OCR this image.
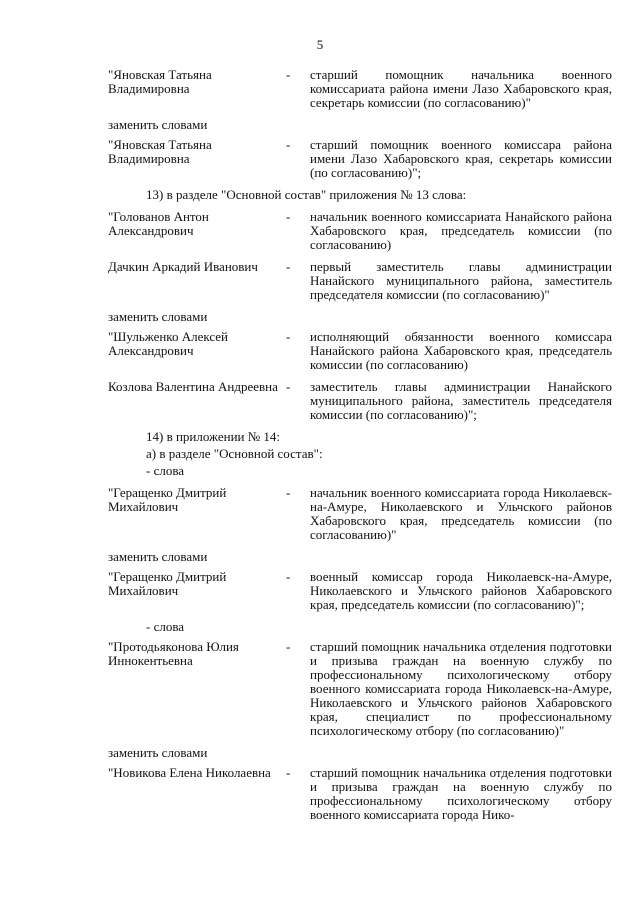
5
"Яновская Татьяна Владимировна
-	старший помощник начальника военного комиссариата района имени Лазо Хабаровского края, секретарь комиссии (по согласованию)"

заменить словами

"Яновская Татьяна Владимировна
-	старший помощник военного комиссара района имени Лазо Хабаровского края, секретарь комиссии (по согласованию)";

13) в разделе "Основной состав" приложения № 13 слова:

"Голованов Антон Александрович
-	начальник военного комиссариата Нанайского района Хабаровского края, председатель комиссии (по согласованию)
Дачкин Аркадий Иванович	-	первый заместитель главы администрации Нанайского муниципального района, заместитель председателя комиссии (по согласованию)"

заменить словами

"Шульженко Алексей Александрович
-	исполняющий обязанности военного комиссара Нанайского района Хабаровского края, председатель комиссии (по согласованию)
Козлова Валентина Андреевна -	заместитель главы администрации Нанайского муниципального района, заместитель председателя комиссии (по согласованию)";

14) в приложении № 14:

а) в разделе "Основной состав":

- слова

"Геращенко Дмитрий Михайлович
-	начальник военного комиссариата города Николаевск-на-Амуре, Николаевского и Ульчского районов Хабаровского края, председатель комиссии (по согласованию)"

заменить словами

"Геращенко Дмитрий Михайлович
-	военный комиссар города Николаевск-на-Амуре, Николаевского и Ульчского районов Хабаровского края, председатель комиссии (по согласованию)";

- слова

"Протодьяконова Юлия Иннокентьевна
-	старший помощник начальника отделения подготовки и призыва граждан на военную службу по профессиональному психологическому отбору военного комиссариата города Николаевск-на-Амуре, Николаевского и Ульчского районов Хабаровского края, специалист по профессиональному психологическому отбору (по согласованию)"

заменить словами

"Новикова Елена Николаевна	-	старший помощник начальника отделения подготовки и призыва граждан на военную службу по профессиональному психологическому отбору военного комиссариата города Нико-
